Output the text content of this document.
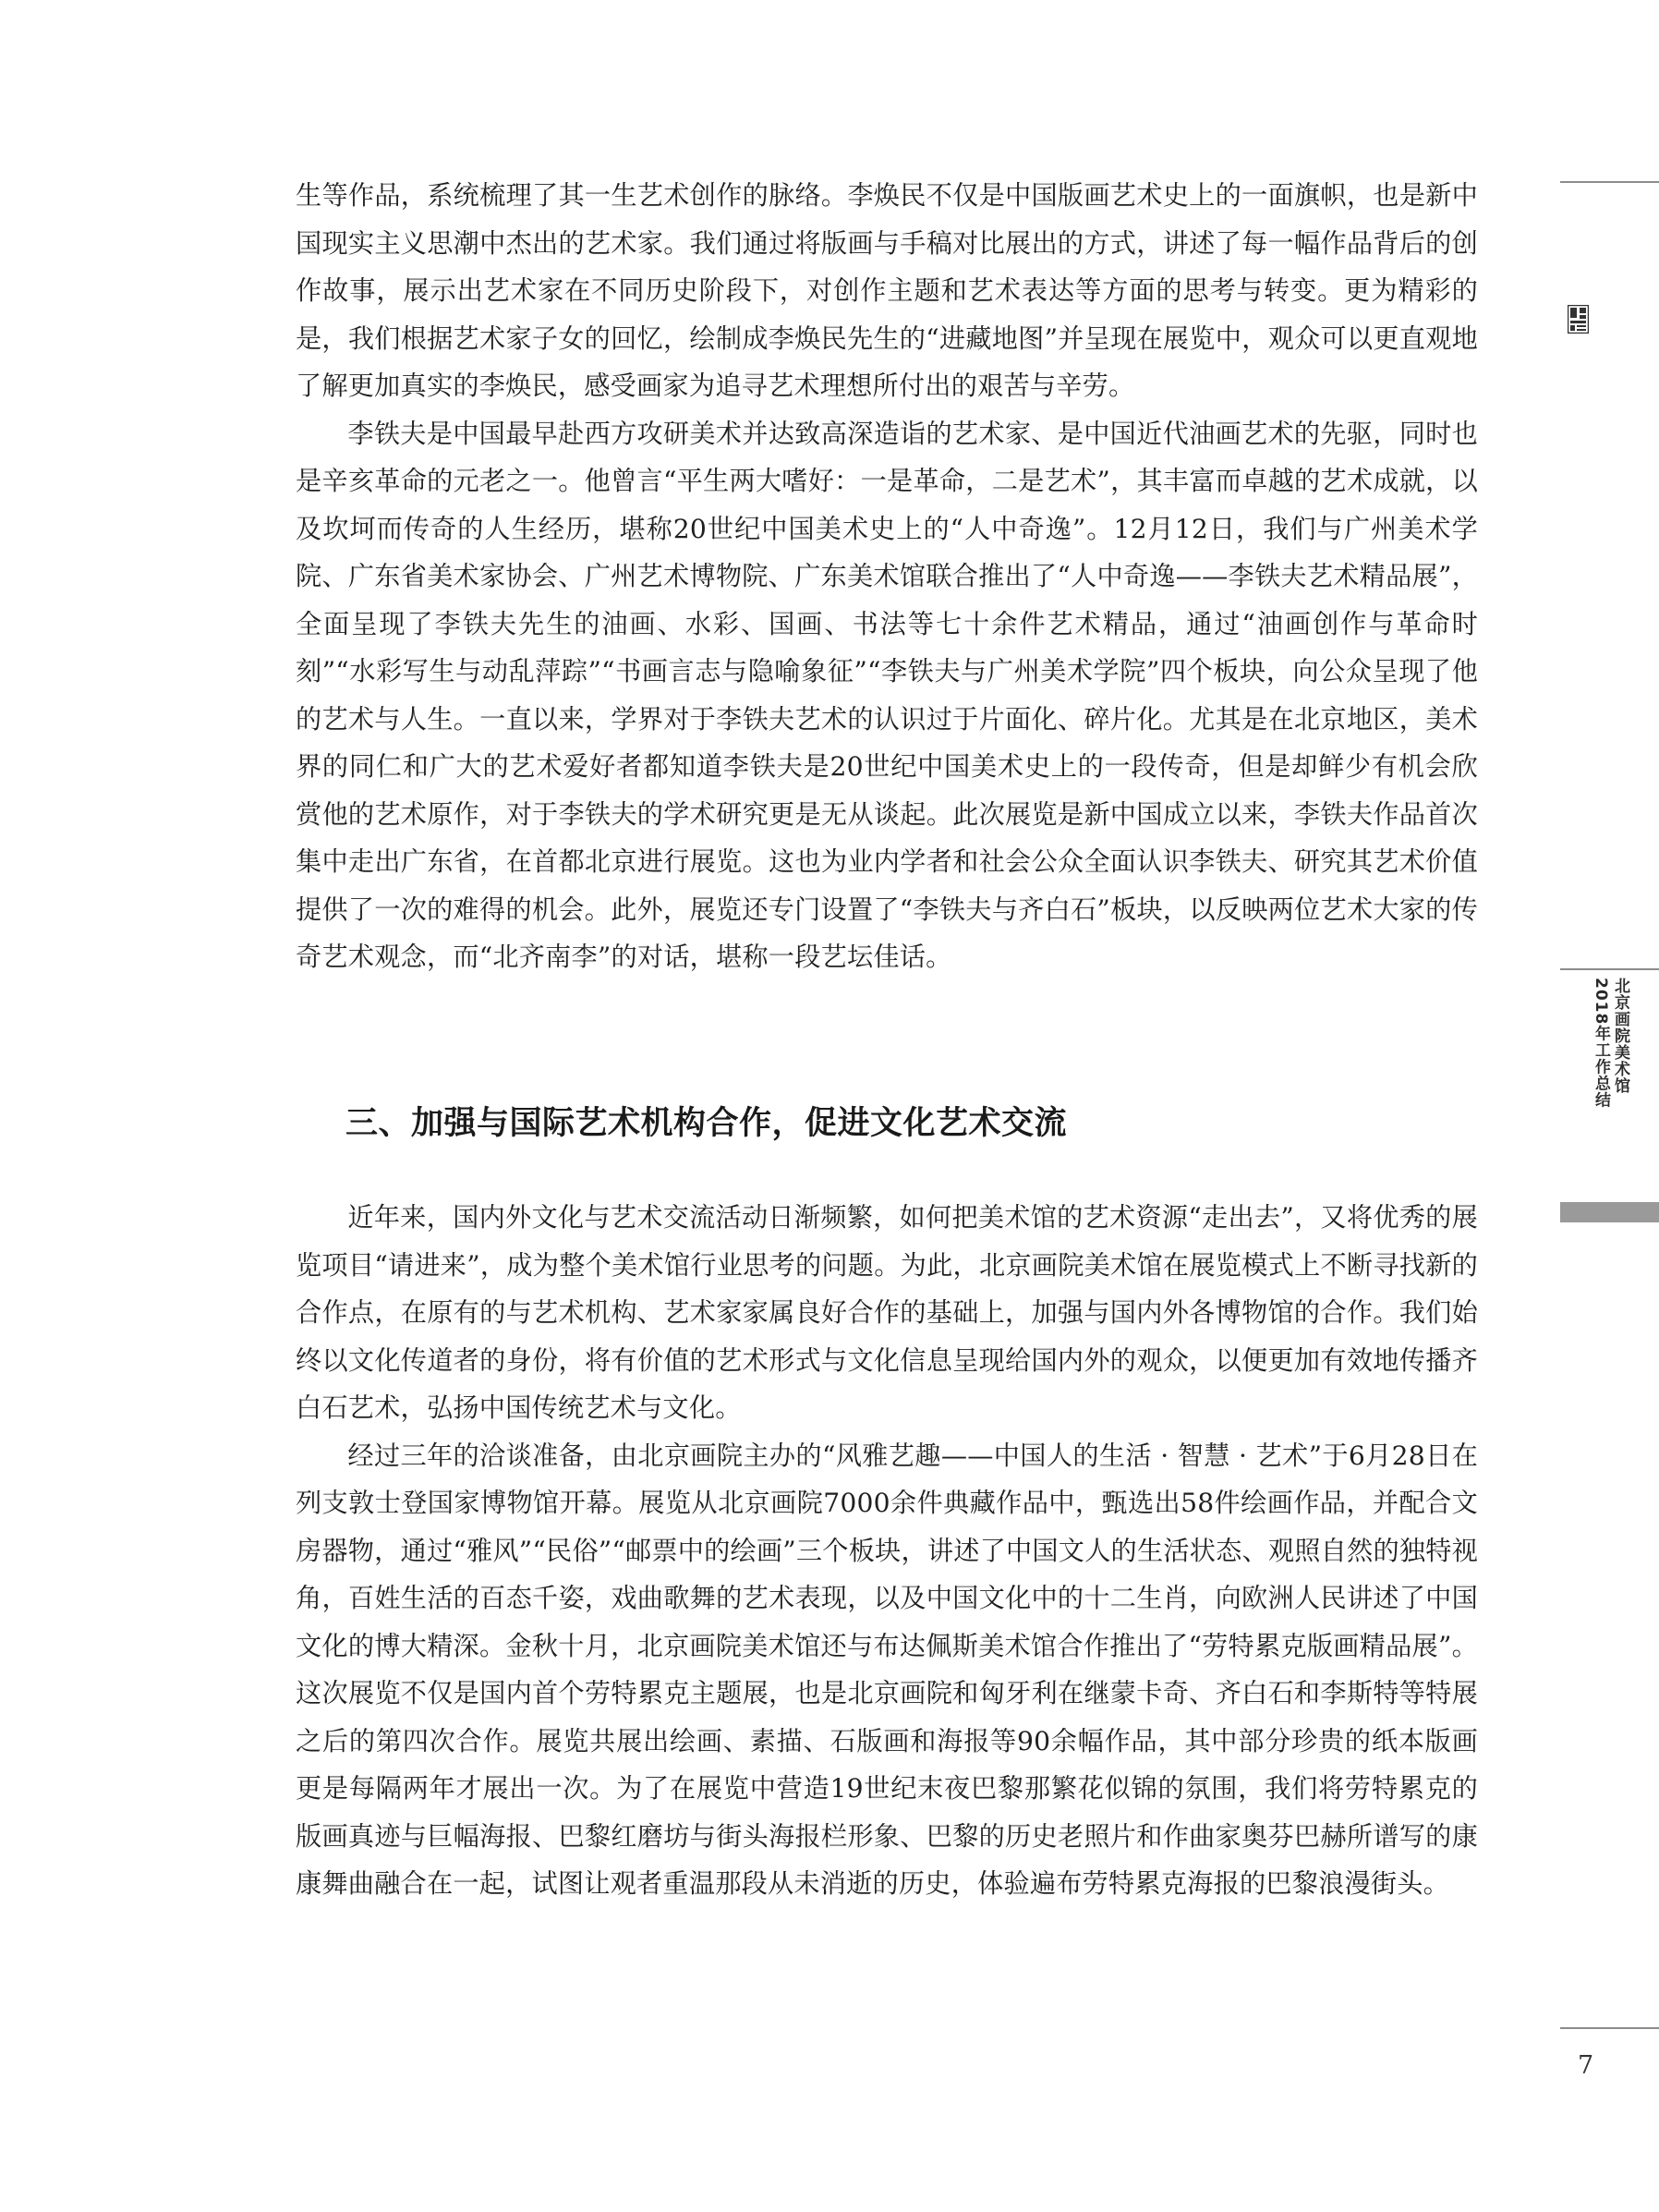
生等作品，系统梳理了其一生艺术创作的脉络。李焕民不仅是中国版画艺术史上的一面旗帜，也是新中国现实主义思潮中杰出的艺术家。我们通过将版画与手稿对比展出的方式，讲述了每一幅作品背后的创作故事，展示出艺术家在不同历史阶段下，对创作主题和艺术表达等方面的思考与转变。更为精彩的是，我们根据艺术家子女的回忆，绘制成李焕民先生的“进藏地图”并呈现在展览中，观众可以更直观地了解更加真实的李焕民，感受画家为追寻艺术理想所付出的艰苦与辛劳。

李铁夫是中国最早赴西方攻研美术并达致高深造诣的艺术家、是中国近代油画艺术的先驱，同时也是辛亥革命的元老之一。他曾言“平生两大嗜好：一是革命，二是艺术”，其丰富而卓越的艺术成就，以及坎坷而传奇的人生经历，堪称20世纪中国美术史上的“人中奇逸”。12月12日，我们与广州美术学院、广东省美术家协会、广州艺术博物院、广东美术馆联合推出了“人中奇逸——李铁夫艺术精品展”，全面呈现了李铁夫先生的油画、水彩、国画、书法等七十余件艺术精品，通过“油画创作与革命时刻”“水彩写生与动乱萍踪”“书画言志与隐喻象征”“李铁夫与广州美术学院”四个板块，向公众呈现了他的艺术与人生。一直以来，学界对于李铁夫艺术的认识过于片面化、碎片化。尤其是在北京地区，美术界的同仁和广大的艺术爱好者都知道李铁夫是20世纪中国美术史上的一段传奇，但是却鲜少有机会欣赏他的艺术原作，对于李铁夫的学术研究更是无从谈起。此次展览是新中国成立以来，李铁夫作品首次集中走出广东省，在首都北京进行展览。这也为业内学者和社会公众全面认识李铁夫、研究其艺术价值提供了一次的难得的机会。此外，展览还专门设置了“李铁夫与齐白石”板块，以反映两位艺术大家的传奇艺术观念，而“北齐南李”的对话，堪称一段艺坛佳话。

三、加强与国际艺术机构合作，促进文化艺术交流

近年来，国内外文化与艺术交流活动日渐频繁，如何把美术馆的艺术资源“走出去”，又将优秀的展览项目“请进来”，成为整个美术馆行业思考的问题。为此，北京画院美术馆在展览模式上不断寻找新的合作点，在原有的与艺术机构、艺术家家属良好合作的基础上，加强与国内外各博物馆的合作。我们始终以文化传道者的身份，将有价值的艺术形式与文化信息呈现给国内外的观众，以便更加有效地传播齐白石艺术，弘扬中国传统艺术与文化。

经过三年的洽谈准备，由北京画院主办的“风雅艺趣——中国人的生活 · 智慧 · 艺术”于6月28日在列支敦士登国家博物馆开幕。展览从北京画院7000余件典藏作品中，甄选出58件绘画作品，并配合文房器物，通过“雅风”“民俗”“邮票中的绘画”三个板块，讲述了中国文人的生活状态、观照自然的独特视角，百姓生活的百态千姿，戏曲歌舞的艺术表现，以及中国文化中的十二生肖，向欧洲人民讲述了中国文化的博大精深。金秋十月，北京画院美术馆还与布达佩斯美术馆合作推出了“劳特累克版画精品展”。这次展览不仅是国内首个劳特累克主题展，也是北京画院和匈牙利在继蒙卡奇、齐白石和李斯特等特展之后的第四次合作。展览共展出绘画、素描、石版画和海报等90余幅作品，其中部分珍贵的纸本版画更是每隔两年才展出一次。为了在展览中营造19世纪末夜巴黎那繁花似锦的氛围，我们将劳特累克的版画真迹与巨幅海报、巴黎红磨坊与街头海报栏形象、巴黎的历史老照片和作曲家奥芬巴赫所谱写的康康舞曲融合在一起，试图让观者重温那段从未消逝的历史，体验遍布劳特累克海报的巴黎浪漫街头。

北京画院美术馆
2018年工作总结
7
